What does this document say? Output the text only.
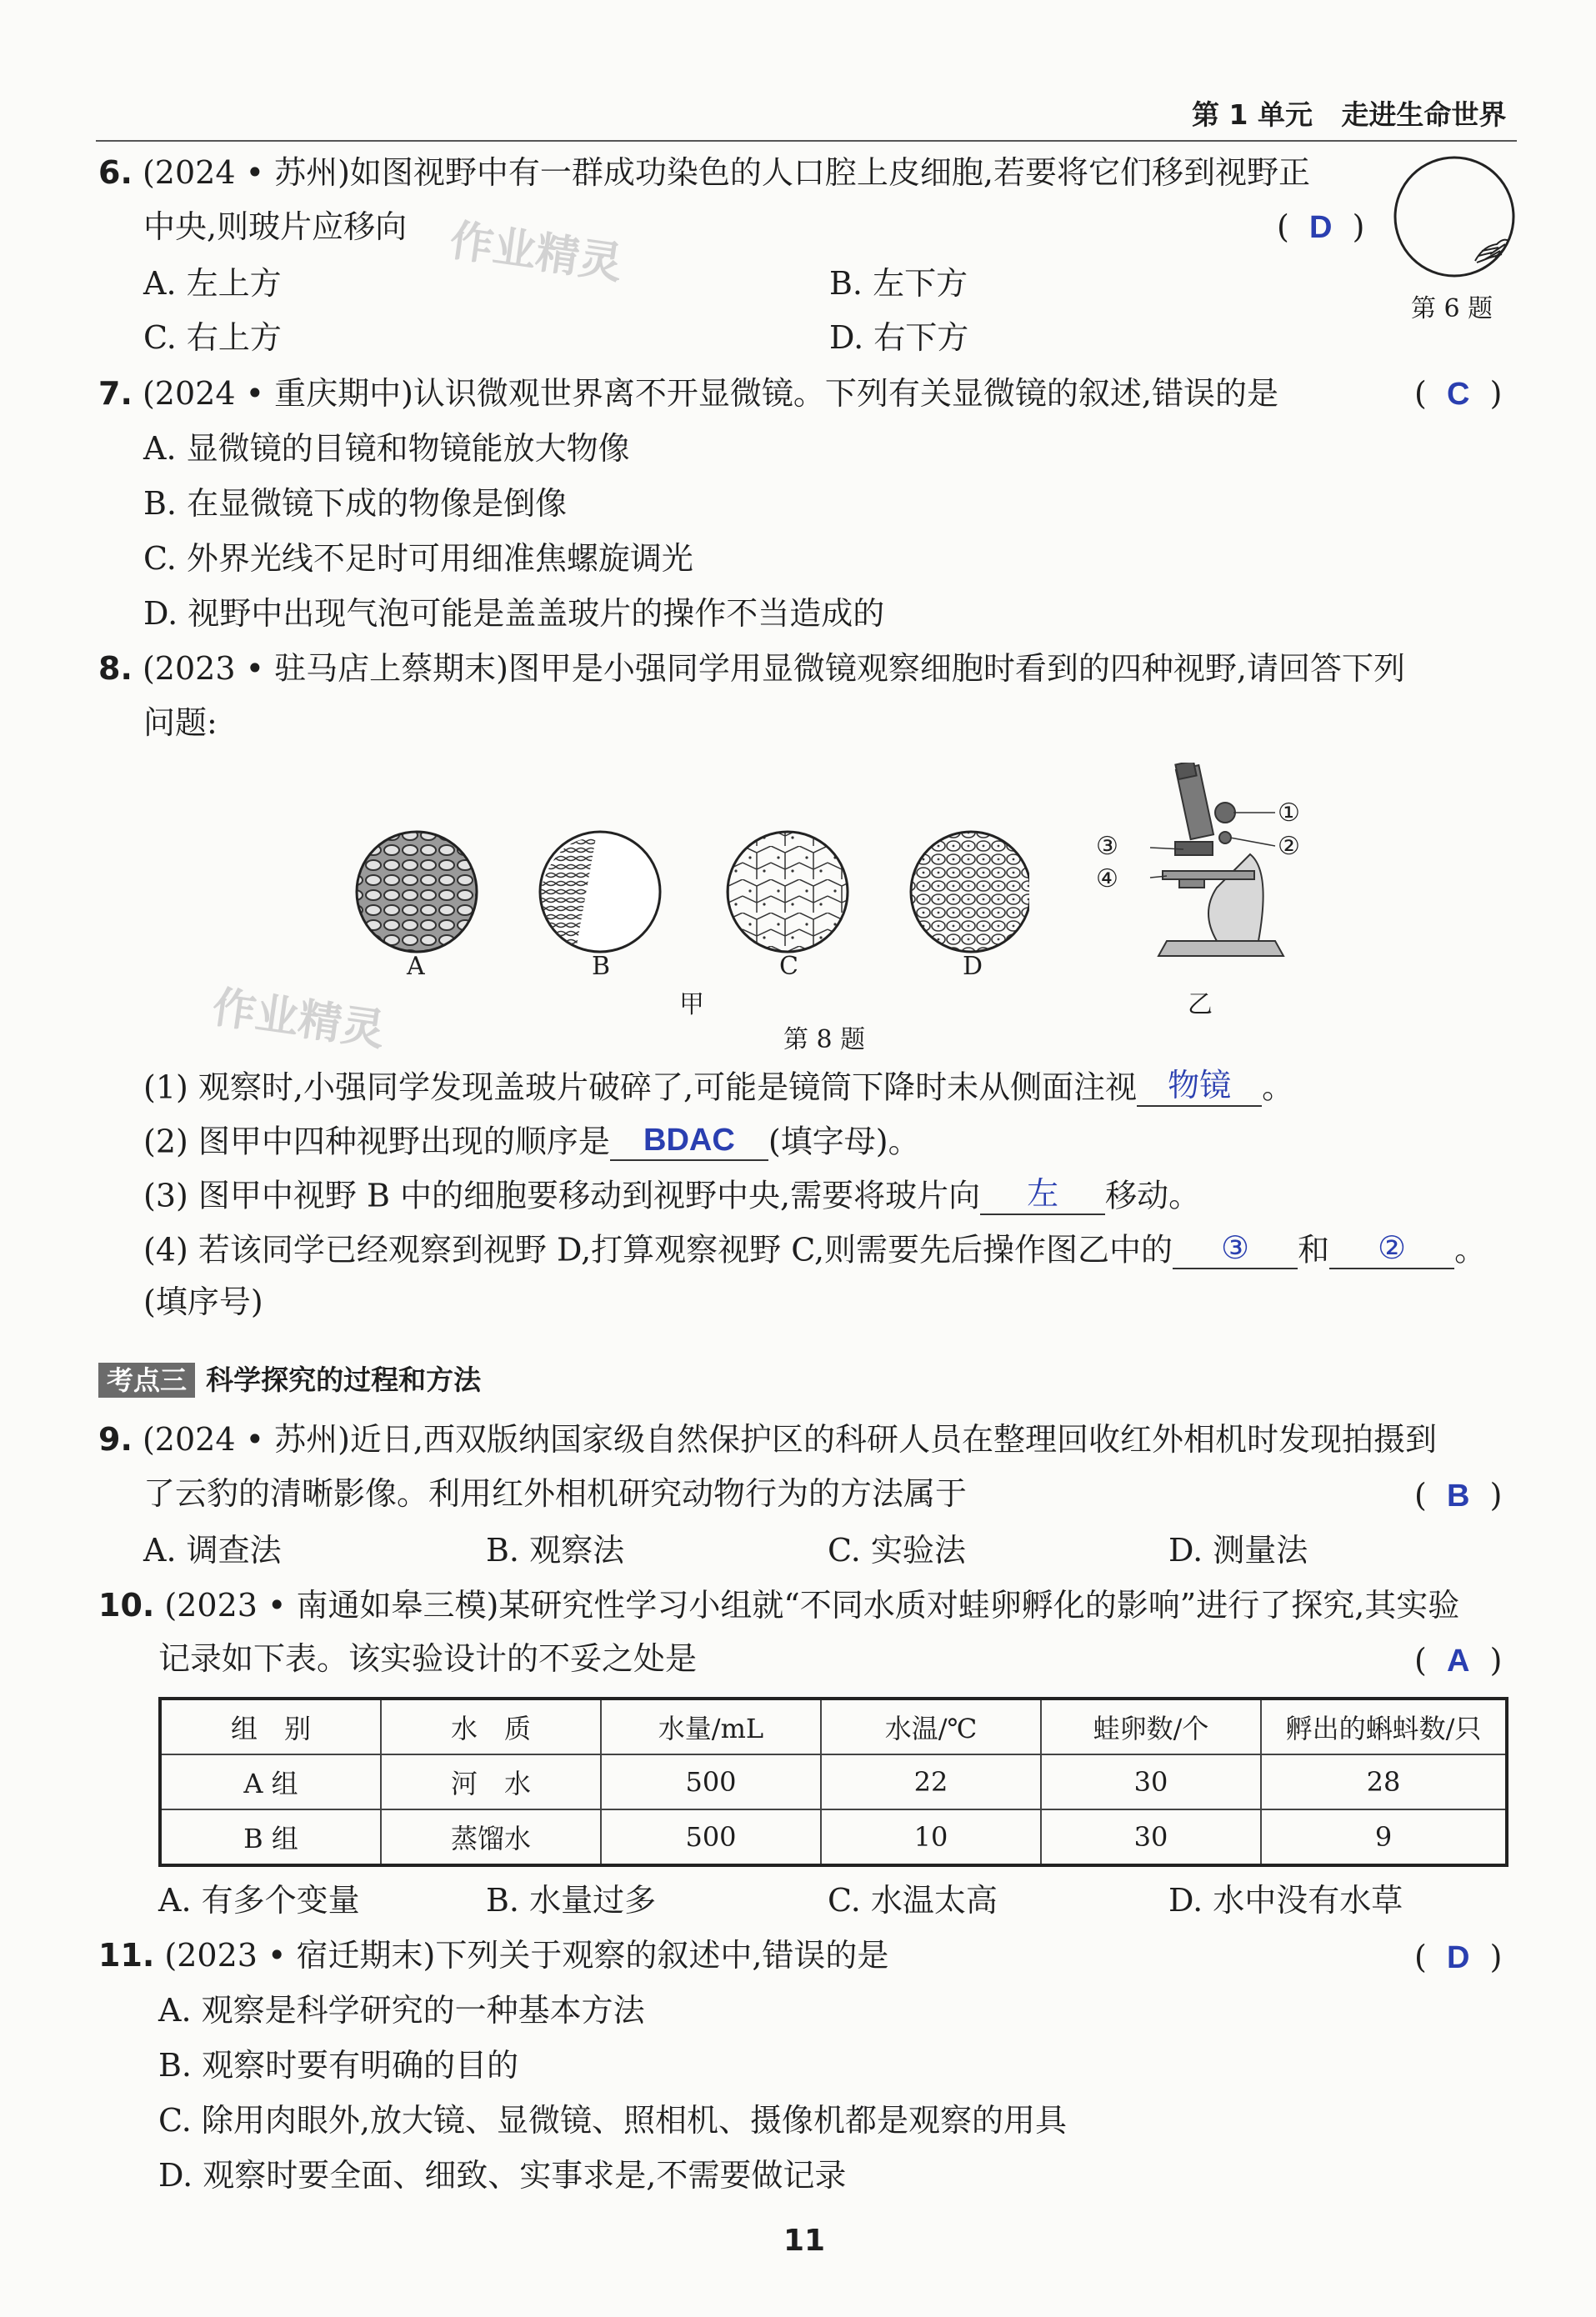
第 1 单元 走进生命世界
作业精灵
作业精灵
6. (2024 • 苏州)如图视野中有一群成功染色的人口腔上皮细胞,若要将它们移到视野正
中央,则玻片应移向	( D )
A. 左上方	B. 左下方
C. 右上方	D. 右下方
第 6 题
7. (2024 • 重庆期中)认识微观世界离不开显微镜。下列有关显微镜的叙述,错误的是	( C )
A. 显微镜的目镜和物镜能放大物像
B. 在显微镜下成的物像是倒像
C. 外界光线不足时可用细准焦螺旋调光
D. 视野中出现气泡可能是盖盖玻片的操作不当造成的
8. (2023 • 驻马店上蔡期末)图甲是小强同学用显微镜观察细胞时看到的四种视野,请回答下列
问题:
A	B	C	D
甲
①
②
③
④
乙
第 8 题
(1) 观察时,小强同学发现盖玻片破碎了,可能是镜筒下降时未从侧面注视 物镜 。
(2) 图甲中四种视野出现的顺序是 BDAC (填字母)。
(3) 图甲中视野 B 中的细胞要移动到视野中央,需要将玻片向 左 移动。
(4) 若该同学已经观察到视野 D,打算观察视野 C,则需要先后操作图乙中的 ③ 和 ② 。
(填序号)
考点三 科学探究的过程和方法
9. (2024 • 苏州)近日,西双版纳国家级自然保护区的科研人员在整理回收红外相机时发现拍摄到
了云豹的清晰影像。利用红外相机研究动物行为的方法属于	( B )
A. 调查法	B. 观察法	C. 实验法	D. 测量法
10. (2023 • 南通如皋三模)某研究性学习小组就“不同水质对蛙卵孵化的影响”进行了探究,其实验
记录如下表。该实验设计的不妥之处是	( A )
组　别	水　质	水量/mL	水温/℃	蛙卵数/个	孵出的蝌蚪数/只
A 组	河　水	500	22	30	28
B 组	蒸馏水	500	10	30	9
A. 有多个变量	B. 水量过多	C. 水温太高	D. 水中没有水草
11. (2023 • 宿迁期末)下列关于观察的叙述中,错误的是	( D )
A. 观察是科学研究的一种基本方法
B. 观察时要有明确的目的
C. 除用肉眼外,放大镜、显微镜、照相机、摄像机都是观察的用具
D. 观察时要全面、细致、实事求是,不需要做记录
11
